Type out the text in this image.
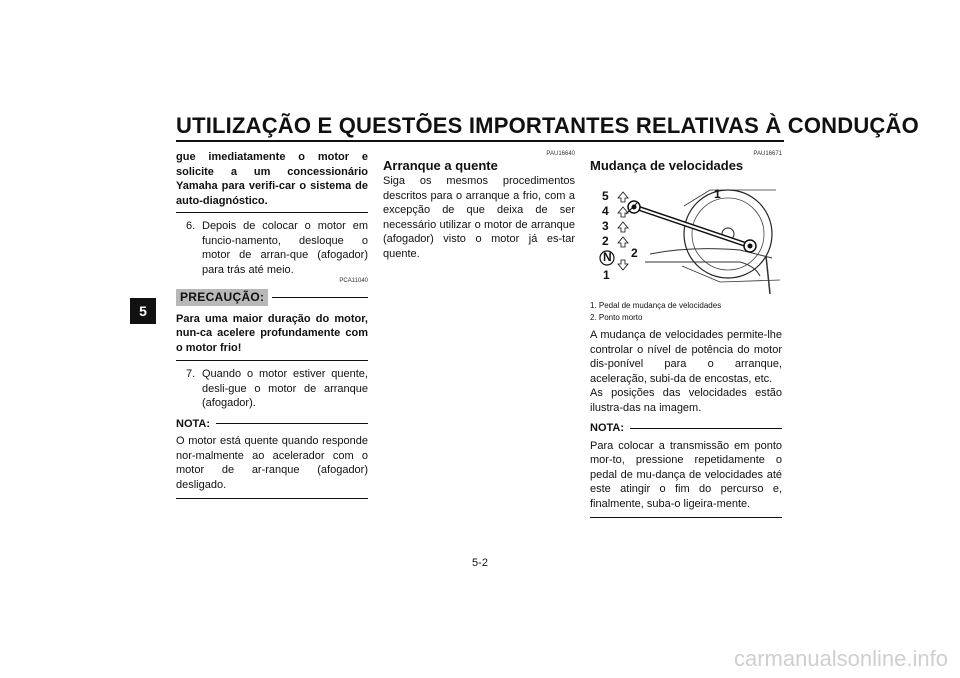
UTILIZAÇÃO E QUESTÕES IMPORTANTES RELATIVAS À CONDUÇÃO
5

gue imediatamente o motor e solicite a um concessionário Yamaha para verifi-car o sistema de auto-diagnóstico.

6. Depois de colocar o motor em funcio-namento, desloque o motor de arran-que (afogador) para trás até meio.
PCA11040
PRECAUÇÃO:

Para uma maior duração do motor, nun-ca acelere profundamente com o motor frio!

7. Quando o motor estiver quente, desli-gue o motor de arranque (afogador).
NOTA:

O motor está quente quando responde nor-malmente ao acelerador com o motor de ar-ranque (afogador) desligado.

PAU16640

Arranque a quente

Siga os mesmos procedimentos descritos para o arranque a frio, com a excepção de que deixa de ser necessário utilizar o motor de arranque (afogador) visto o motor já es-tar quente.

PAU16671

Mudança de velocidades

5
4
3
2
N
1
1
2
1. Pedal de mudança de velocidades
2. Ponto morto

A mudança de velocidades permite-lhe controlar o nível de potência do motor dis-ponível para o arranque, aceleração, subi-da de encostas, etc.

As posições das velocidades estão ilustra-das na imagem.

NOTA:

Para colocar a transmissão em ponto mor-to, pressione repetidamente o pedal de mu-dança de velocidades até este atingir o fim do percurso e, finalmente, suba-o ligeira-mente.

5-2
carmanualsonline.info
